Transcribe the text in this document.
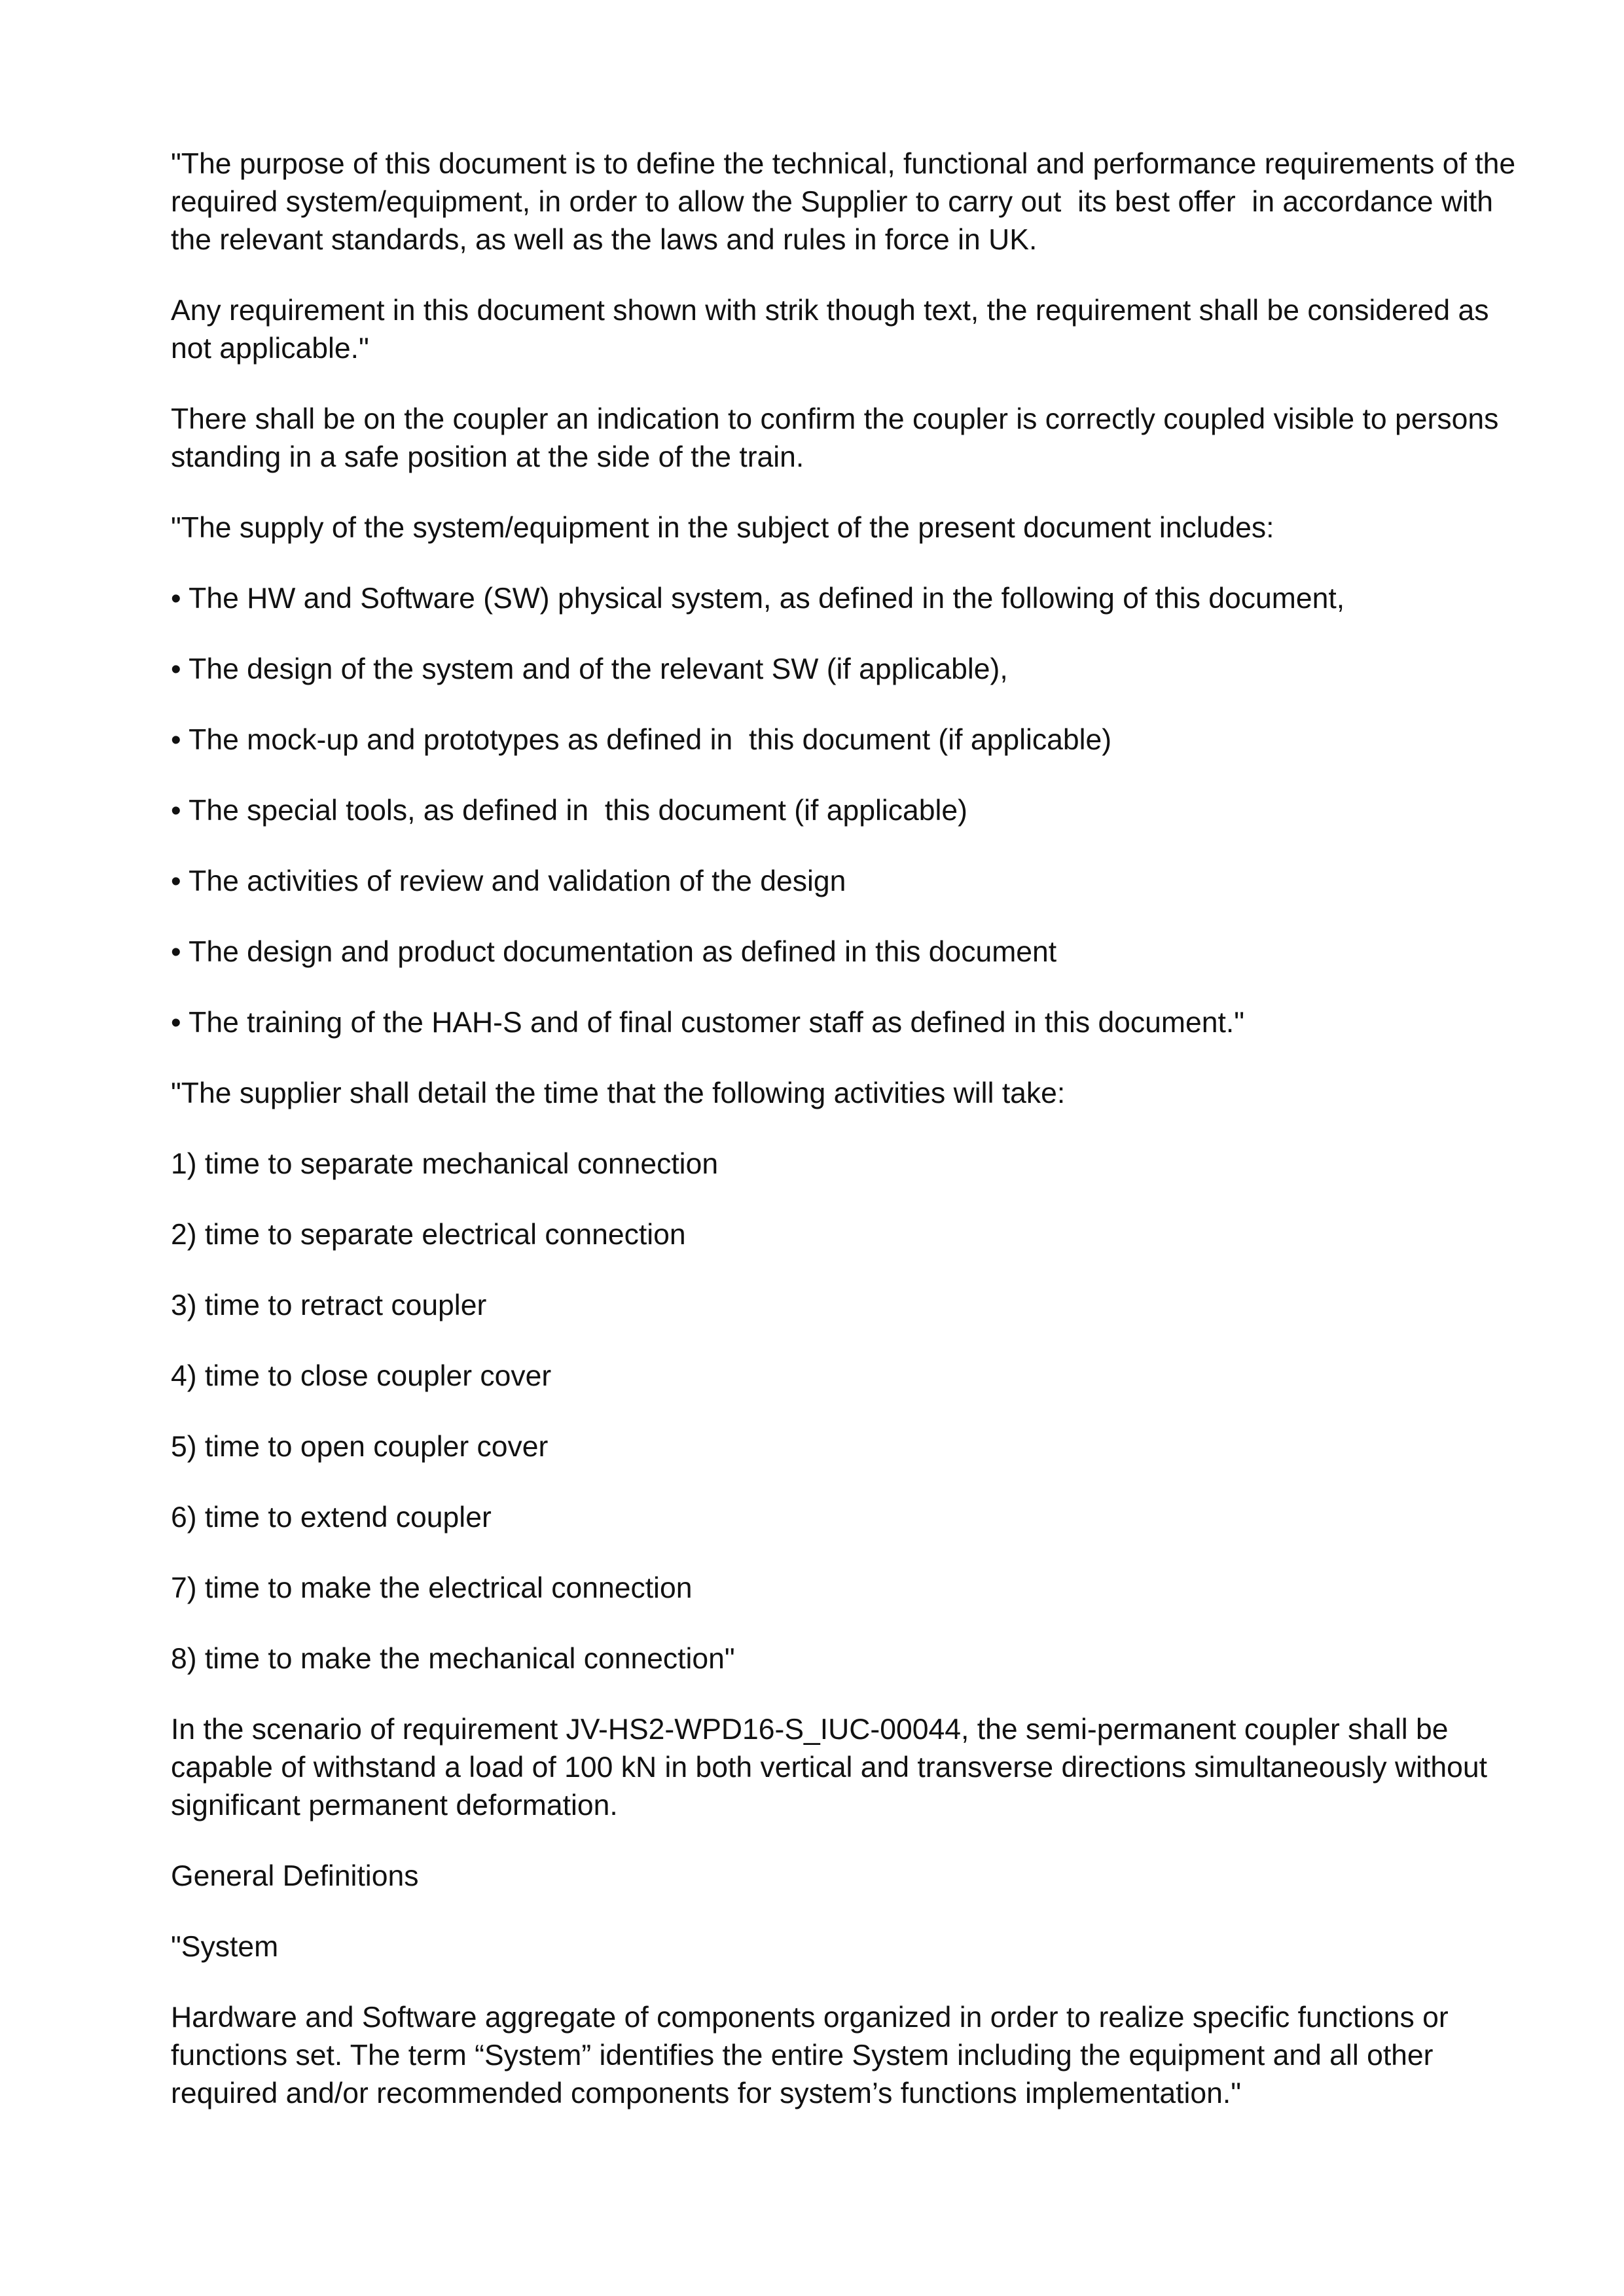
"The purpose of this document is to define the technical, functional and performance requirements of the required system/equipment, in order to allow the Supplier to carry out  its best offer  in accordance with the relevant standards, as well as the laws and rules in force in UK.

Any requirement in this document shown with strik though text, the requirement shall be considered as not applicable."

There shall be on the coupler an indication to confirm the coupler is correctly coupled visible to persons standing in a safe position at the side of the train.

"The supply of the system/equipment in the subject of the present document includes:

• The HW and Software (SW) physical system, as defined in the following of this document,

• The design of the system and of the relevant SW (if applicable),

• The mock-up and prototypes as defined in  this document (if applicable)

• The special tools, as defined in  this document (if applicable)

• The activities of review and validation of the design

• The design and product documentation as defined in this document

• The training of the HAH-S and of final customer staff as defined in this document."

"The supplier shall detail the time that the following activities will take:

1) time to separate mechanical connection

2) time to separate electrical connection

3) time to retract coupler

4) time to close coupler cover

5) time to open coupler cover

6) time to extend coupler

7) time to make the electrical connection

8) time to make the mechanical connection"

In the scenario of requirement JV-HS2-WPD16-S_IUC-00044, the semi-permanent coupler shall be capable of withstand a load of 100 kN in both vertical and transverse directions simultaneously without significant permanent deformation.

General Definitions

"System

Hardware and Software aggregate of components organized in order to realize specific functions or functions set. The term “System” identifies the entire System including the equipment and all other required and/or recommended components for system’s functions implementation."
